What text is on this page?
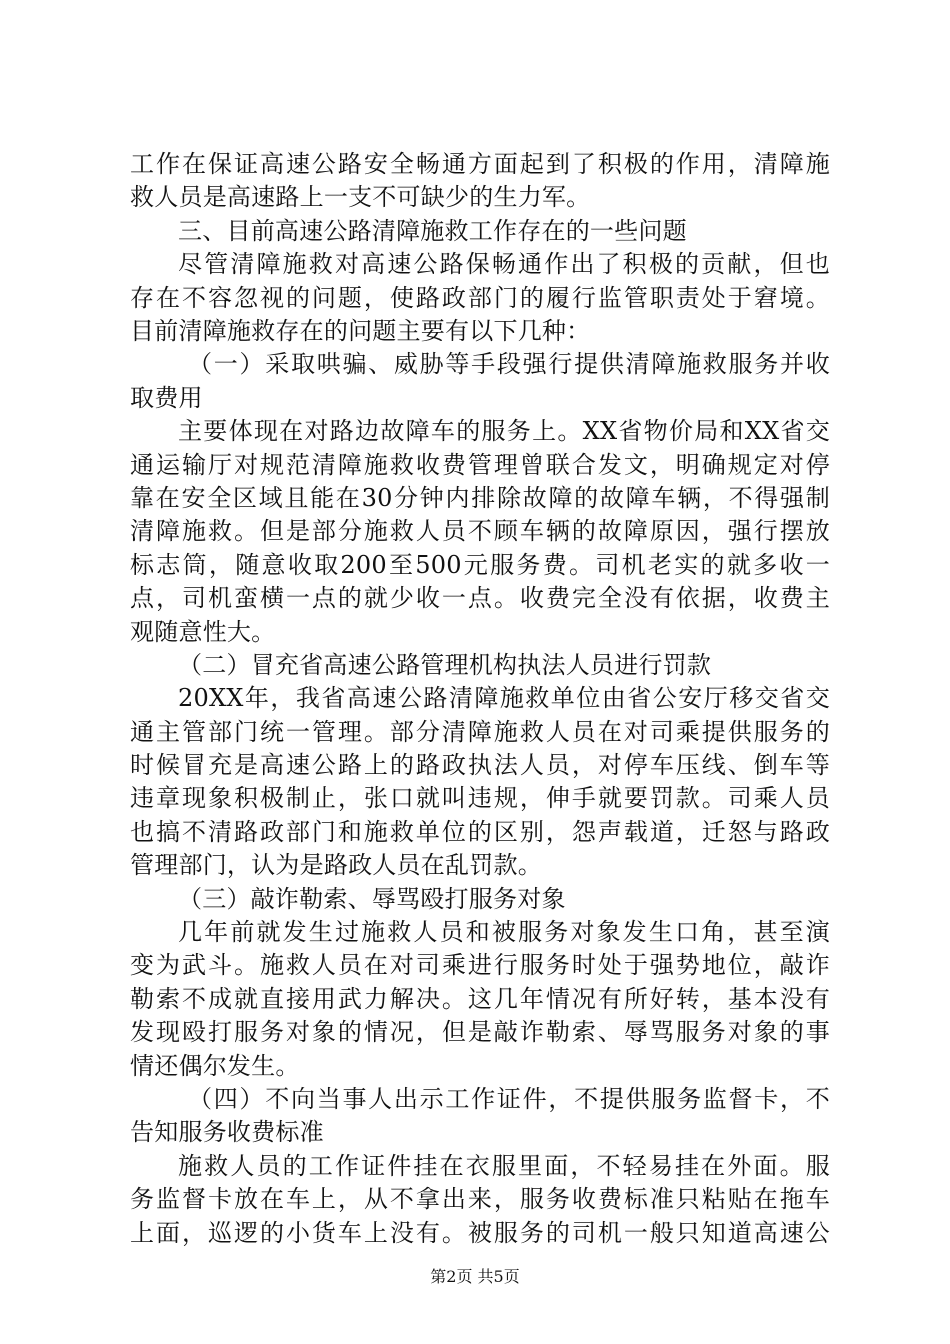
工作在保证高速公路安全畅通方面起到了积极的作用，清障施
救人员是高速路上一支不可缺少的生力军。
三、目前高速公路清障施救工作存在的一些问题
尽管清障施救对高速公路保畅通作出了积极的贡献，但也
存在不容忽视的问题，使路政部门的履行监管职责处于窘境。
目前清障施救存在的问题主要有以下几种：
（一）采取哄骗、威胁等手段强行提供清障施救服务并收
取费用
主要体现在对路边故障车的服务上。XX省物价局和XX省交
通运输厅对规范清障施救收费管理曾联合发文，明确规定对停
靠在安全区域且能在30分钟内排除故障的故障车辆，不得强制
清障施救。但是部分施救人员不顾车辆的故障原因，强行摆放
标志筒，随意收取200至500元服务费。司机老实的就多收一
点，司机蛮横一点的就少收一点。收费完全没有依据，收费主
观随意性大。
（二）冒充省高速公路管理机构执法人员进行罚款
20XX年，我省高速公路清障施救单位由省公安厅移交省交
通主管部门统一管理。部分清障施救人员在对司乘提供服务的
时候冒充是高速公路上的路政执法人员，对停车压线、倒车等
违章现象积极制止，张口就叫违规，伸手就要罚款。司乘人员
也搞不清路政部门和施救单位的区别，怨声载道，迁怒与路政
管理部门，认为是路政人员在乱罚款。
（三）敲诈勒索、辱骂殴打服务对象
几年前就发生过施救人员和被服务对象发生口角，甚至演
变为武斗。施救人员在对司乘进行服务时处于强势地位，敲诈
勒索不成就直接用武力解决。这几年情况有所好转，基本没有
发现殴打服务对象的情况，但是敲诈勒索、辱骂服务对象的事
情还偶尔发生。
（四）不向当事人出示工作证件，不提供服务监督卡，不
告知服务收费标准
施救人员的工作证件挂在衣服里面，不轻易挂在外面。服
务监督卡放在车上，从不拿出来，服务收费标准只粘贴在拖车
上面，巡逻的小货车上没有。被服务的司机一般只知道高速公
第2页 共5页
